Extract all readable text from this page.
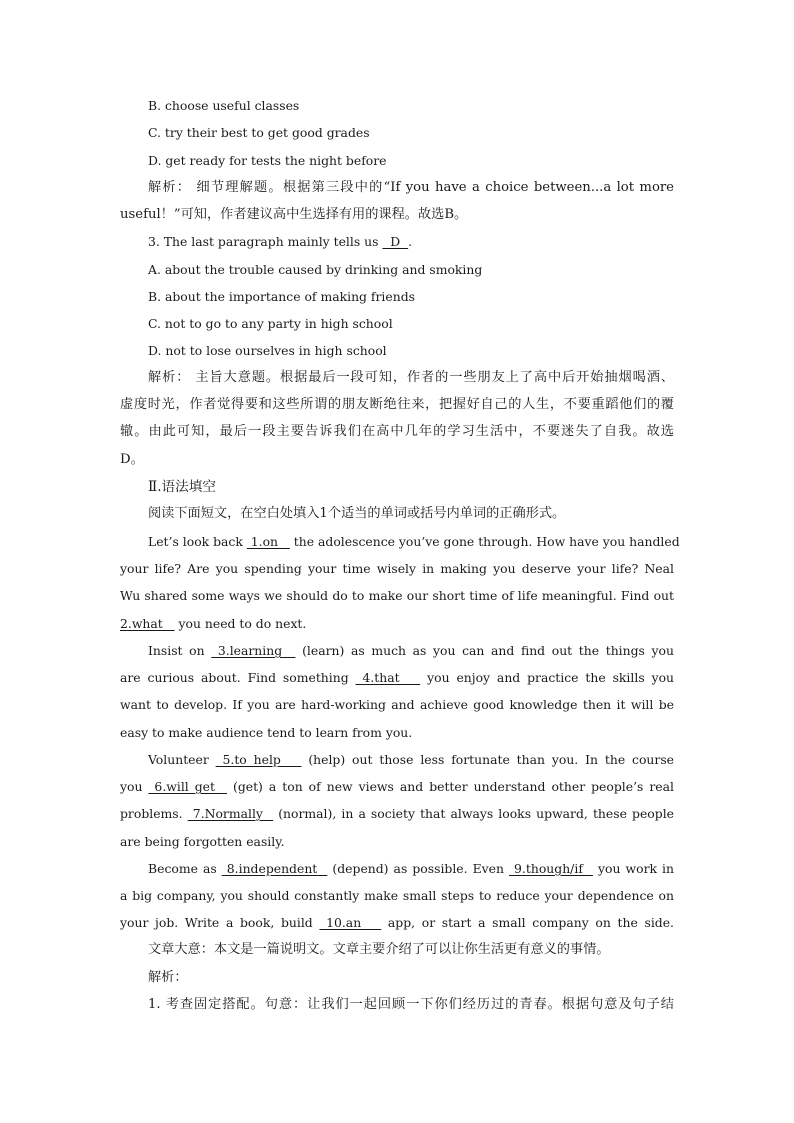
B. choose useful classes
C. try their best to get good grades
D. get ready for tests the night before
解析： 细节理解题。根据第三段中的“If you have a choice between...a lot more
useful！”可知，作者建议高中生选择有用的课程。故选B。
3. The last paragraph mainly tells us   D  .
A. about the trouble caused by drinking and smoking
B. about the importance of making friends
C. not to go to any party in high school
D. not to lose ourselves in high school
解析： 主旨大意题。根据最后一段可知，作者的一些朋友上了高中后开始抽烟喝酒、
虚度时光，作者觉得要和这些所谓的朋友断绝往来，把握好自己的人生，不要重蹈他们的覆
辙。由此可知，最后一段主要告诉我们在高中几年的学习生活中，不要迷失了自我。故选
D。
Ⅱ.语法填空
阅读下面短文，在空白处填入1个适当的单词或括号内单词的正确形式。
Let’s look back  1.on    the adolescence you’ve gone through. How have you handled
your life? Are you spending your time wisely in making you deserve your life? Neal
Wu shared some ways we should do to make our short time of life meaningful. Find out
2.what    you need to do next.
Insist on  3.learning   (learn) as much as you can and find out the things you
are curious about. Find something  4.that    you enjoy and practice the skills you
want to develop. If you are hard-working and achieve good knowledge then it will be
easy to make audience tend to learn from you.
Volunteer  5.to help    (help) out those less fortunate than you. In the course
you  6.will get   (get) a ton of new views and better understand other people’s real
problems.  7.Normally   (normal), in a society that always looks upward, these people
are being forgotten easily.
Become as  8.independent   (depend) as possible. Even  9.though/if   you work in
a big company, you should constantly make small steps to reduce your dependence on
your job. Write a book, build  10.an    app, or start a small company on the side.
文章大意：本文是一篇说明文。文章主要介绍了可以让你生活更有意义的事情。
解析：
1. 考查固定搭配。句意：让我们一起回顾一下你们经历过的青春。根据句意及句子结
